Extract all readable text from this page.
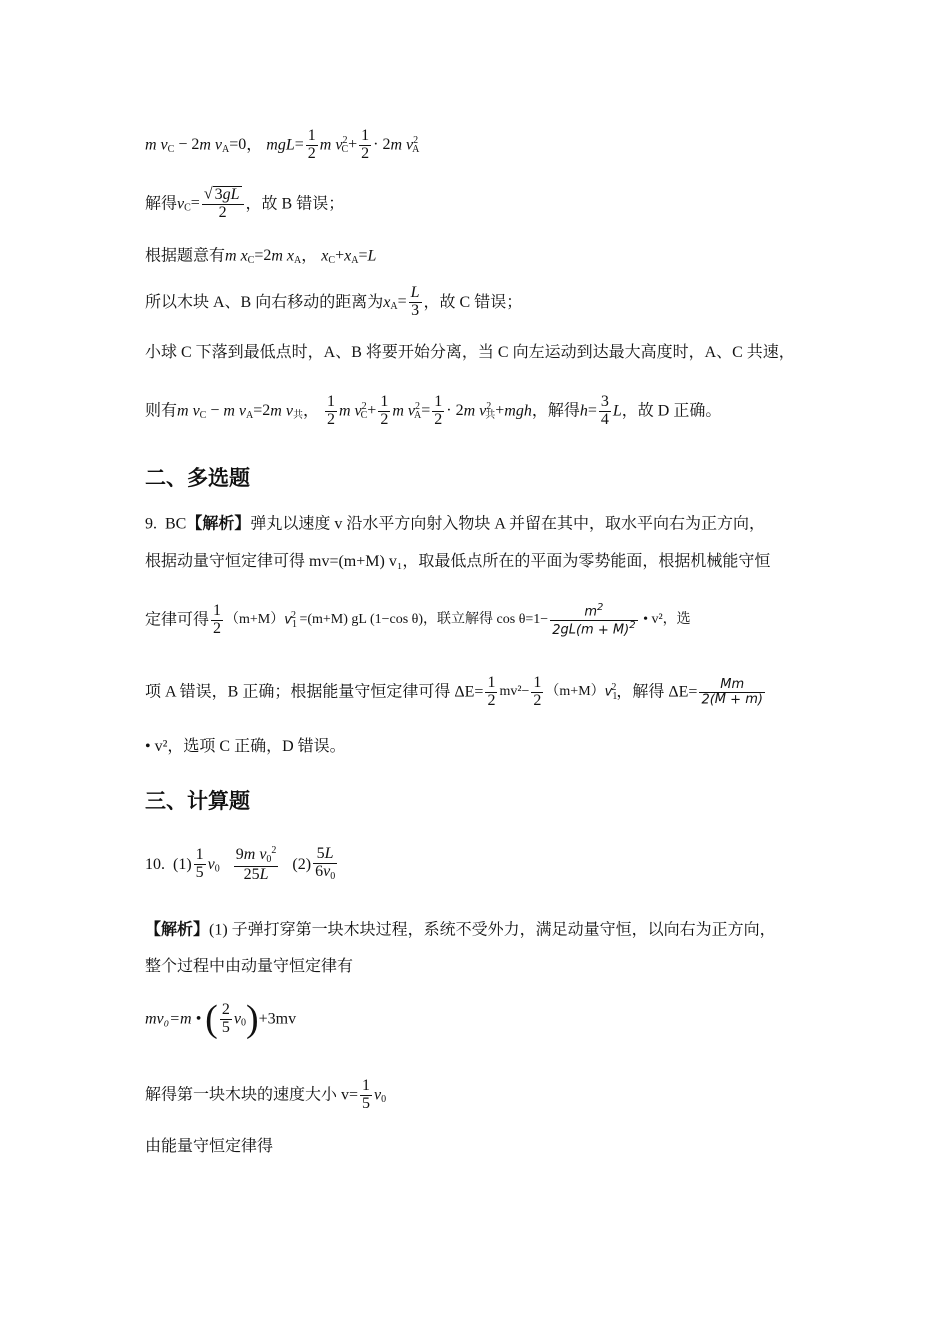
m $v_C - 2m$ $v_A=0$， $mgL= \frac{1}{2}$ m $v^2_C+ \frac{1}{2} \cdot 2m$ $v^2_A$
解得$v_C= \frac{√ 3gL}{2}$ ，故 B 错误；
根据题意有m $x_C=2m$ $x_A$， $x_C+x_A=L$
所以木块 A、B 向右移动的距离为$x_A= \frac{L}{3}$ ，故 C 错误；
小球 C 下落到最低点时，A、B 将要开始分离，当 C 向左运动到达最大高度时，A、C 共速，
则有m $v_C - m$ $v_A=2m$ $v_共$， $\frac{1}{2}$ m $v^2_C+ \frac{1}{2}$ m $v^2_A= \frac{1}{2} \cdot 2m$ $v^2_共+mgh$，解得$h= \frac{3}{4}$ L，故 D 正确。
二、多选题
9. BC【解析】弹丸以速度 v 沿水平方向射入物块 A 并留在其中，取水平向右为正方向，
根据动量守恒定律可得 mv=(m+M) v₁，取最低点所在的平面为零势能面，根据机械能守恒
定律可得 $\frac{1}{2} (m+M)v_1^2 =(m+M)$ gL (1−cos θ)，联立解得 $\cos \theta=1- \frac{m^2}{2gL(m + M)^2}$ • v²，选
项 A 错误，B 正确；根据能量守恒定律可得 $\Delta E= \frac{1}{2} mv^2- \frac{1}{2} (m+M)v_1^2$，解得 $\Delta E= \frac{Mm}{2(M + m)}$
• v²，选项 C 正确，D 错误。
三、计算题
10. $(1) \frac{1}{5} v_0 \frac{9m v_0^2}{25L} (2) \frac{5L}{6v_0}$
【解析】(1) 子弹打穿第一块木块过程，系统不受外力，满足动量守恒，以向右为正方向，
整个过程中由动量守恒定律有
mv₀=m • ( $\frac{2}{5} v_0)+3mv$
解得第一块木块的速度大小 $v= \frac{1}{5} v_0$
由能量守恒定律得
